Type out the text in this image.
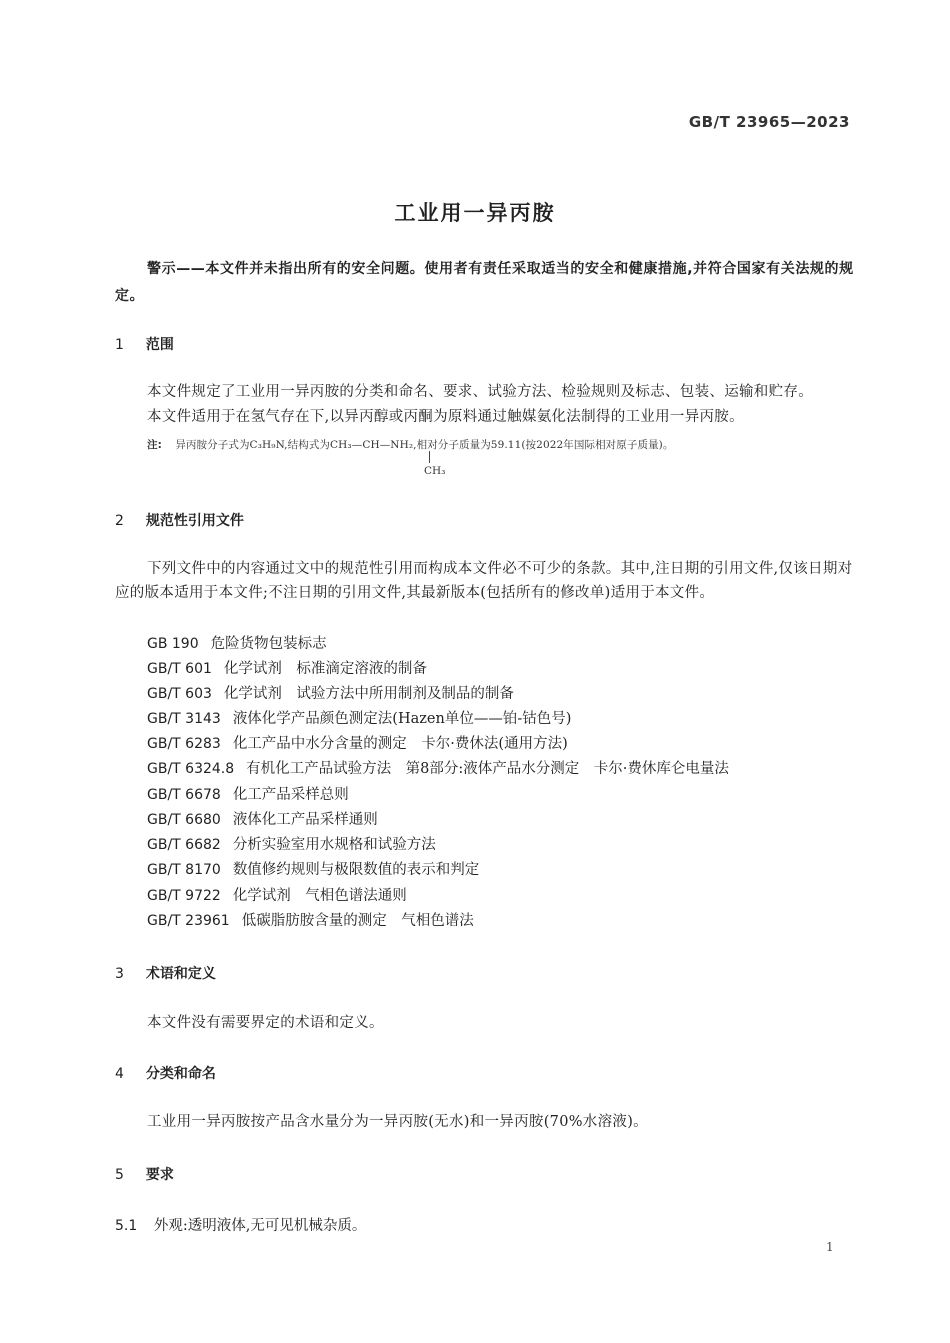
GB/T 23965—2023
工业用一异丙胺
警示——本文件并未指出所有的安全问题。使用者有责任采取适当的安全和健康措施,并符合国家有关法规的规定。
1 范围
本文件规定了工业用一异丙胺的分类和命名、要求、试验方法、检验规则及标志、包装、运输和贮存。
本文件适用于在氢气存在下,以异丙醇或丙酮为原料通过触媒氨化法制得的工业用一异丙胺。
注: 异丙胺分子式为C₃H₉N,结构式为CH₃—CH—NH₂,相对分子质量为59.11(按2022年国际相对原子质量)。
CH₃
2 规范性引用文件
下列文件中的内容通过文中的规范性引用而构成本文件必不可少的条款。其中,注日期的引用文件,仅该日期对应的版本适用于本文件;不注日期的引用文件,其最新版本(包括所有的修改单)适用于本文件。
GB 190 危险货物包装标志
GB/T 601 化学试剂　标准滴定溶液的制备
GB/T 603 化学试剂　试验方法中所用制剂及制品的制备
GB/T 3143 液体化学产品颜色测定法(Hazen单位——铂-钴色号)
GB/T 6283 化工产品中水分含量的测定　卡尔·费休法(通用方法)
GB/T 6324.8 有机化工产品试验方法　第8部分:液体产品水分测定　卡尔·费休库仑电量法
GB/T 6678 化工产品采样总则
GB/T 6680 液体化工产品采样通则
GB/T 6682 分析实验室用水规格和试验方法
GB/T 8170 数值修约规则与极限数值的表示和判定
GB/T 9722 化学试剂　气相色谱法通则
GB/T 23961 低碳脂肪胺含量的测定　气相色谱法
3 术语和定义
本文件没有需要界定的术语和定义。
4 分类和命名
工业用一异丙胺按产品含水量分为一异丙胺(无水)和一异丙胺(70%水溶液)。
5 要求
5.1 外观:透明液体,无可见机械杂质。
1
